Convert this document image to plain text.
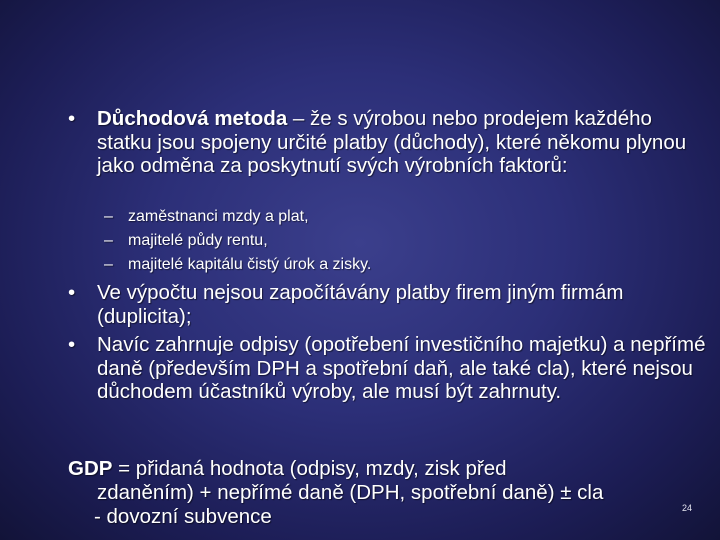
• Důchodová metoda – že s výrobou nebo prodejem každého statku jsou spojeny určité platby (důchody), které někomu plynou jako odměna za poskytnutí svých výrobních faktorů:
– zaměstnanci mzdy a plat,
– majitelé půdy rentu,
– majitelé kapitálu čistý úrok a zisky.
• Ve výpočtu nejsou započítávány platby firem jiným firmám (duplicita);
• Navíc zahrnuje odpisy (opotřebení investičního majetku) a nepřímé daně (především DPH a spotřební daň, ale také cla), které nejsou důchodem účastníků výroby, ale musí být zahrnuty.
GDP = přidaná hodnota (odpisy, mzdy, zisk před
zdaněním) + nepřímé daně (DPH, spotřební daně) ± cla
- dovozní subvence	24
